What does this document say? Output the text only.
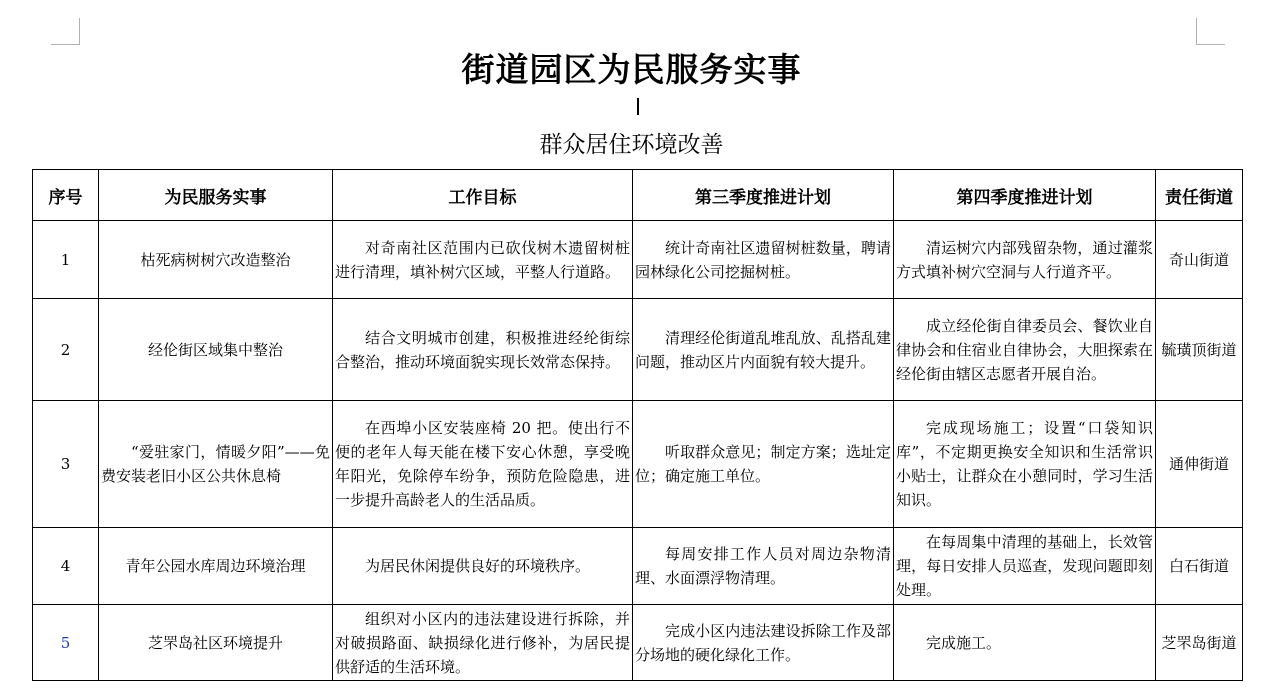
街道园区为民服务实事
群众居住环境改善
序号	为民服务实事	工作目标	第三季度推进计划	第四季度推进计划	责任街道
1	枯死病树树穴改造整治	对奇南社区范围内已砍伐树木遗留树桩进行清理，填补树穴区域，平整人行道路。	统计奇南社区遗留树桩数量，聘请园林绿化公司挖掘树桩。	清运树穴内部残留杂物，通过灌浆方式填补树穴空洞与人行道齐平。	奇山街道
2	经伦街区域集中整治	结合文明城市创建，积极推进经纶街综合整治，推动环境面貌实现长效常态保持。	清理经伦街道乱堆乱放、乱搭乱建问题，推动区片内面貌有较大提升。	成立经伦街自律委员会、餐饮业自律协会和住宿业自律协会，大胆探索在经伦街由辖区志愿者开展自治。	毓璜顶街道
3	“爱驻家门，情暖夕阳”——免费安装老旧小区公共休息椅	在西埠小区安装座椅 20 把。使出行不便的老年人每天能在楼下安心休憩，享受晚年阳光，免除停车纷争，预防危险隐患，进一步提升高龄老人的生活品质。	听取群众意见；制定方案；选址定位；确定施工单位。	完成现场施工；设置“口袋知识库”，不定期更换安全知识和生活常识小贴士，让群众在小憩同时，学习生活知识。	通伸街道
4	青年公园水库周边环境治理	为居民休闲提供良好的环境秩序。	每周安排工作人员对周边杂物清理、水面漂浮物清理。	在每周集中清理的基础上，长效管理，每日安排人员巡查，发现问题即刻处理。	白石街道
5	芝罘岛社区环境提升	组织对小区内的违法建设进行拆除，并对破损路面、缺损绿化进行修补，为居民提供舒适的生活环境。	完成小区内违法建设拆除工作及部分场地的硬化绿化工作。	完成施工。	芝罘岛街道
